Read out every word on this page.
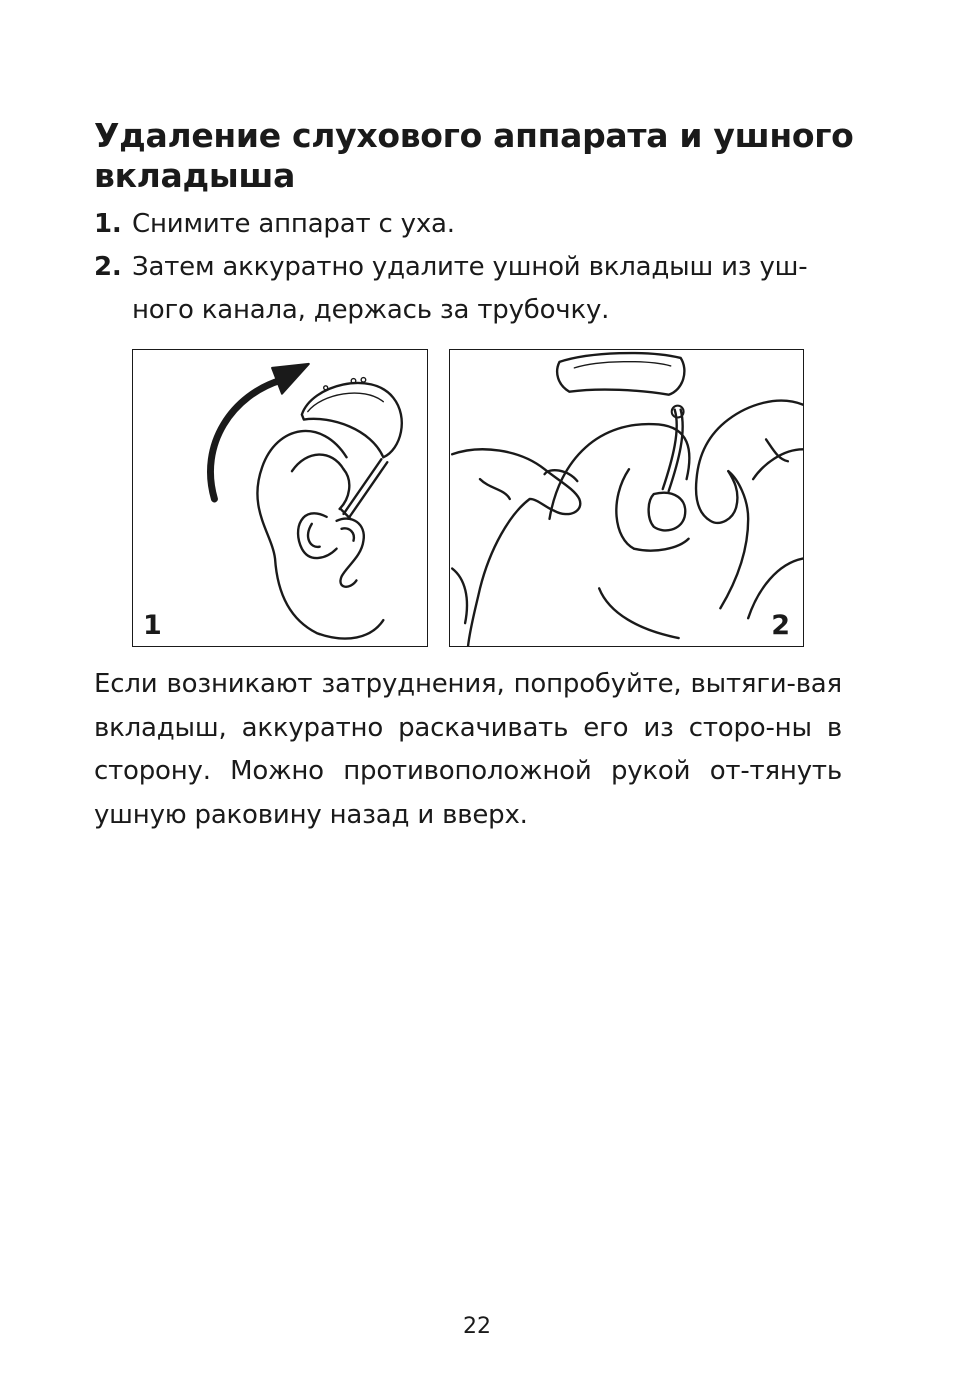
Удаление слухового аппарата и ушного вкладыша
1. Снимите аппарат с уха.
2. Затем аккуратно удалите ушной вкладыш из уш-ного канала, держась за трубочку.
1	2

Если возникают затруднения, попробуйте, вытяги-вая вкладыш, аккуратно раскачивать его из сторо-ны в сторону. Можно противоположной рукой от-тянуть ушную раковину назад и вверх.

22
